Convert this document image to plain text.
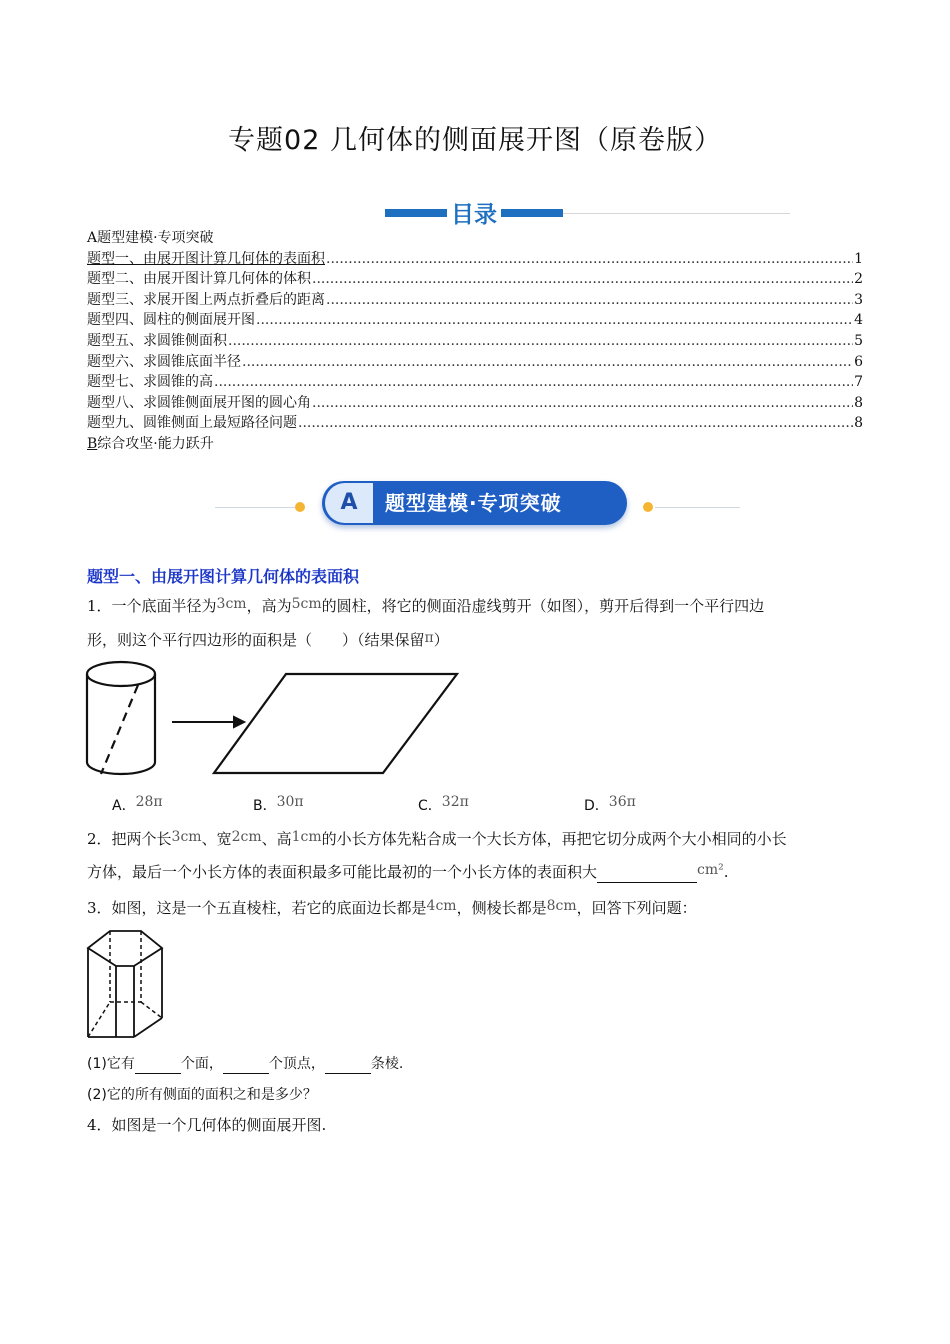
专题02 几何体的侧面展开图（原卷版）
目录
A题型建模·专项突破
题型一、由展开图计算几何体的表面积 .....	1
题型二、由展开图计算几何体的体积 .....	2
题型三、求展开图上两点折叠后的距离 .....	3
题型四、圆柱的侧面展开图 .....	4
题型五、求圆锥侧面积 .....	5
题型六、求圆锥底面半径 .....	6
题型七、求圆锥的高 .....	7
题型八、求圆锥侧面展开图的圆心角 .....	8
题型九、圆锥侧面上最短路径问题 .....	8
B 综合攻坚·能力跃升
A	题型建模·专项突破
题型一、由展开图计算几何体的表面积
1．一个底面半径为3cm，高为5cm的圆柱，将它的侧面沿虚线剪开（如图），剪开后得到一个平行四边
形，则这个平行四边形的面积是（　　）（结果保留π）
A．28π	B．30π	C．32π	D．36π
2．把两个长3cm、宽2cm、高1cm的小长方体先粘合成一个大长方体，再把它切分成两个大小相同的小长
方体，最后一个小长方体的表面积最多可能比最初的一个小长方体的表面积大	cm².
3．如图，这是一个五直棱柱，若它的底面边长都是4cm，侧棱长都是8cm，回答下列问题：
(1)它有	个面，	个顶点，	条棱.
(2)它的所有侧面的面积之和是多少？
4．如图是一个几何体的侧面展开图.
